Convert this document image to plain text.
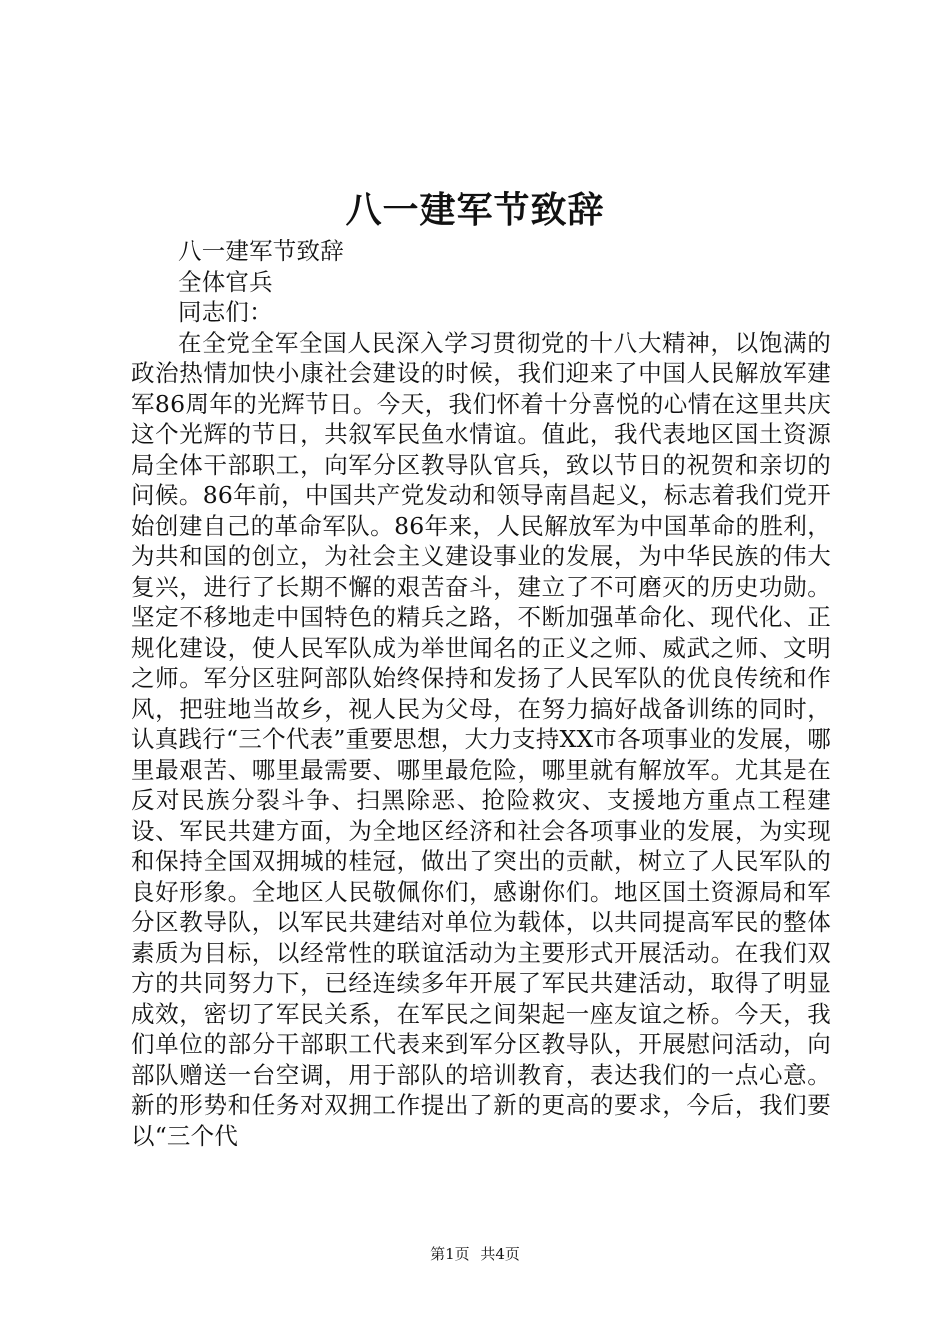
八一建军节致辞

八一建军节致辞

全体官兵

同志们：

在全党全军全国人民深入学习贯彻党的十八大精神，以饱满的政治热情加快小康社会建设的时候，我们迎来了中国人民解放军建军86周年的光辉节日。今天，我们怀着十分喜悦的心情在这里共庆这个光辉的节日，共叙军民鱼水情谊。值此，我代表地区国土资源局全体干部职工，向军分区教导队官兵，致以节日的祝贺和亲切的问候。86年前，中国共产党发动和领导南昌起义，标志着我们党开始创建自己的革命军队。86年来，人民解放军为中国革命的胜利，为共和国的创立，为社会主义建设事业的发展，为中华民族的伟大复兴，进行了长期不懈的艰苦奋斗，建立了不可磨灭的历史功勋。坚定不移地走中国特色的精兵之路，不断加强革命化、现代化、正规化建设，使人民军队成为举世闻名的正义之师、威武之师、文明之师。军分区驻阿部队始终保持和发扬了人民军队的优良传统和作风，把驻地当故乡，视人民为父母，在努力搞好战备训练的同时，认真践行“三个代表”重要思想，大力支持XX市各项事业的发展，哪里最艰苦、哪里最需要、哪里最危险，哪里就有解放军。尤其是在反对民族分裂斗争、扫黑除恶、抢险救灾、支援地方重点工程建设、军民共建方面，为全地区经济和社会各项事业的发展，为实现和保持全国双拥城的桂冠，做出了突出的贡献，树立了人民军队的良好形象。全地区人民敬佩你们，感谢你们。地区国土资源局和军分区教导队，以军民共建结对单位为载体，以共同提高军民的整体素质为目标，以经常性的联谊活动为主要形式开展活动。在我们双方的共同努力下，已经连续多年开展了军民共建活动，取得了明显成效，密切了军民关系，在军民之间架起一座友谊之桥。今天，我们单位的部分干部职工代表来到军分区教导队，开展慰问活动，向部队赠送一台空调，用于部队的培训教育，表达我们的一点心意。新的形势和任务对双拥工作提出了新的更高的要求，今后，我们要以“三个代

第1页 共4页
